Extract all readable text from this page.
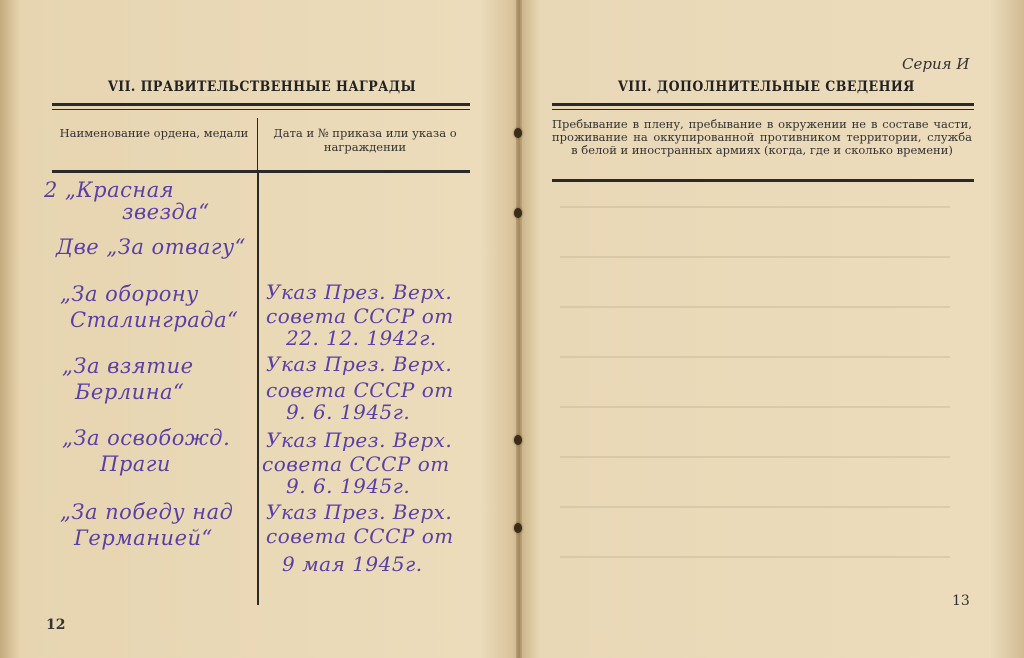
VII. ПРАВИТЕЛЬСТВЕННЫЕ НАГРАДЫ
Наименование ордена, медали	Дата и № приказа или указа о награждении
2 „Красная
звезда“
Две „За отвагу“
„За оборону
Сталинграда“
„За взятие
Берлина“
„За освобожд.
Праги
„За победу над
Германией“
Указ През. Верх.
совета СССР от
22. 12. 1942г.
Указ През. Верх.
совета СССР от
9. 6. 1945г.
Указ През. Верх.
совета СССР от
9. 6. 1945г.
Указ През. Верх.
совета СССР от
9 мая 1945г.
12
Серия И
VIII. ДОПОЛНИТЕЛЬНЫЕ СВЕДЕНИЯ
Пребывание в плену, пребывание в окружении не в составе части, проживание на оккупированной противником территории, служба в белой и иностранных армиях (когда, где и сколько времени)
13
